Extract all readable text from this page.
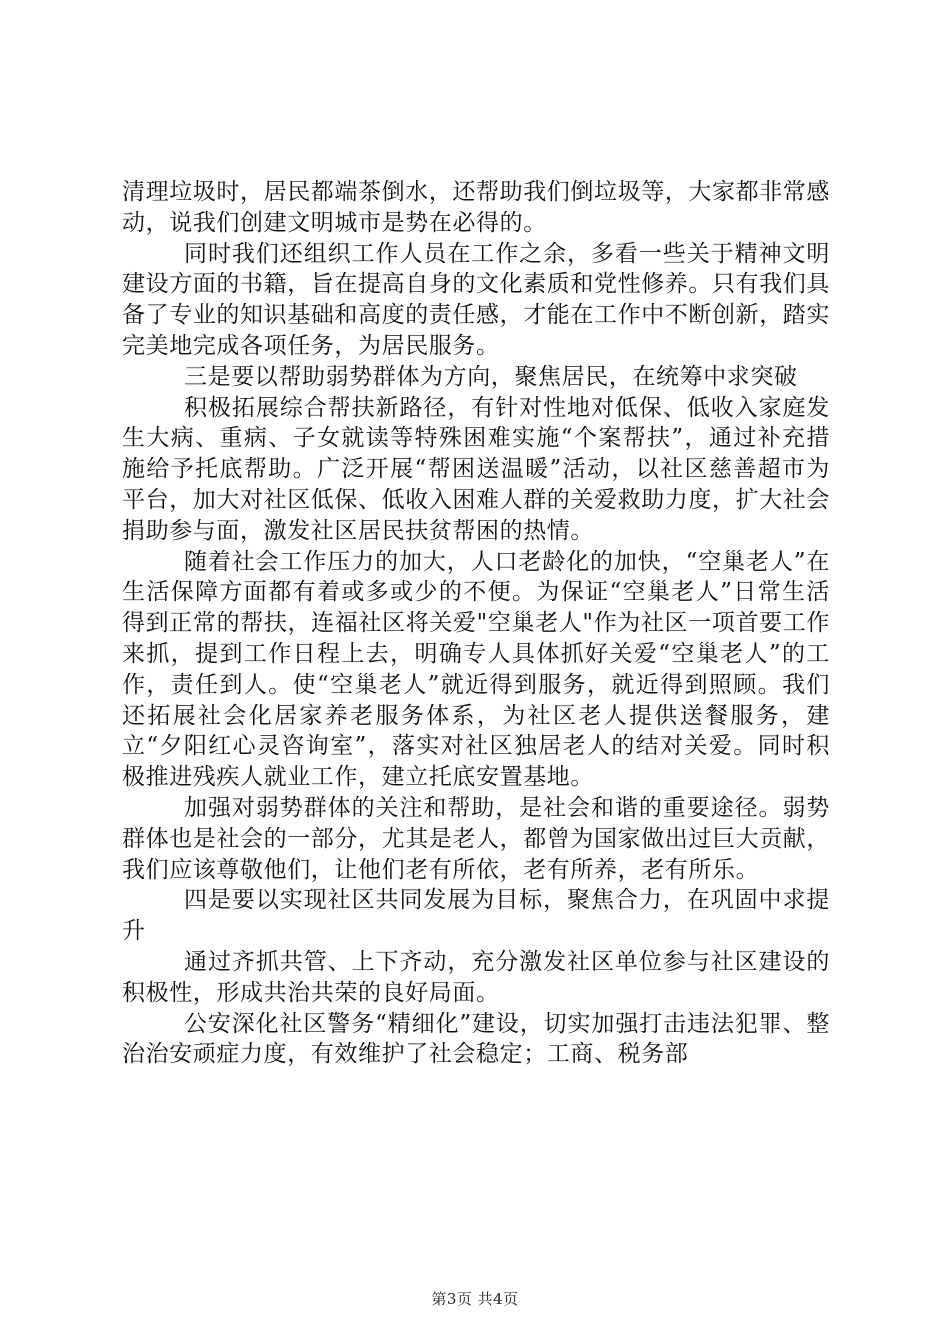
清理垃圾时，居民都端茶倒水，还帮助我们倒垃圾等，大家都非常感动，说我们创建文明城市是势在必得的。

同时我们还组织工作人员在工作之余，多看一些关于精神文明建设方面的书籍，旨在提高自身的文化素质和党性修养。只有我们具备了专业的知识基础和高度的责任感，才能在工作中不断创新，踏实完美地完成各项任务，为居民服务。

三是要以帮助弱势群体为方向，聚焦居民，在统筹中求突破

积极拓展综合帮扶新路径，有针对性地对低保、低收入家庭发生大病、重病、子女就读等特殊困难实施“个案帮扶”，通过补充措施给予托底帮助。广泛开展“帮困送温暖”活动，以社区慈善超市为平台，加大对社区低保、低收入困难人群的关爱救助力度，扩大社会捐助参与面，激发社区居民扶贫帮困的热情。

随着社会工作压力的加大，人口老龄化的加快，“空巢老人”在生活保障方面都有着或多或少的不便。为保证“空巢老人”日常生活得到正常的帮扶，连福社区将关爱"空巢老人"作为社区一项首要工作来抓，提到工作日程上去，明确专人具体抓好关爱“空巢老人”的工作，责任到人。使“空巢老人”就近得到服务，就近得到照顾。我们还拓展社会化居家养老服务体系，为社区老人提供送餐服务，建立“夕阳红心灵咨询室”，落实对社区独居老人的结对关爱。同时积极推进残疾人就业工作，建立托底安置基地。

加强对弱势群体的关注和帮助，是社会和谐的重要途径。弱势群体也是社会的一部分，尤其是老人，都曾为国家做出过巨大贡献，我们应该尊敬他们，让他们老有所依，老有所养，老有所乐。

四是要以实现社区共同发展为目标，聚焦合力，在巩固中求提升

通过齐抓共管、上下齐动，充分激发社区单位参与社区建设的积极性，形成共治共荣的良好局面。

公安深化社区警务“精细化”建设，切实加强打击违法犯罪、整治治安顽症力度，有效维护了社会稳定；工商、税务部

第3页 共4页
